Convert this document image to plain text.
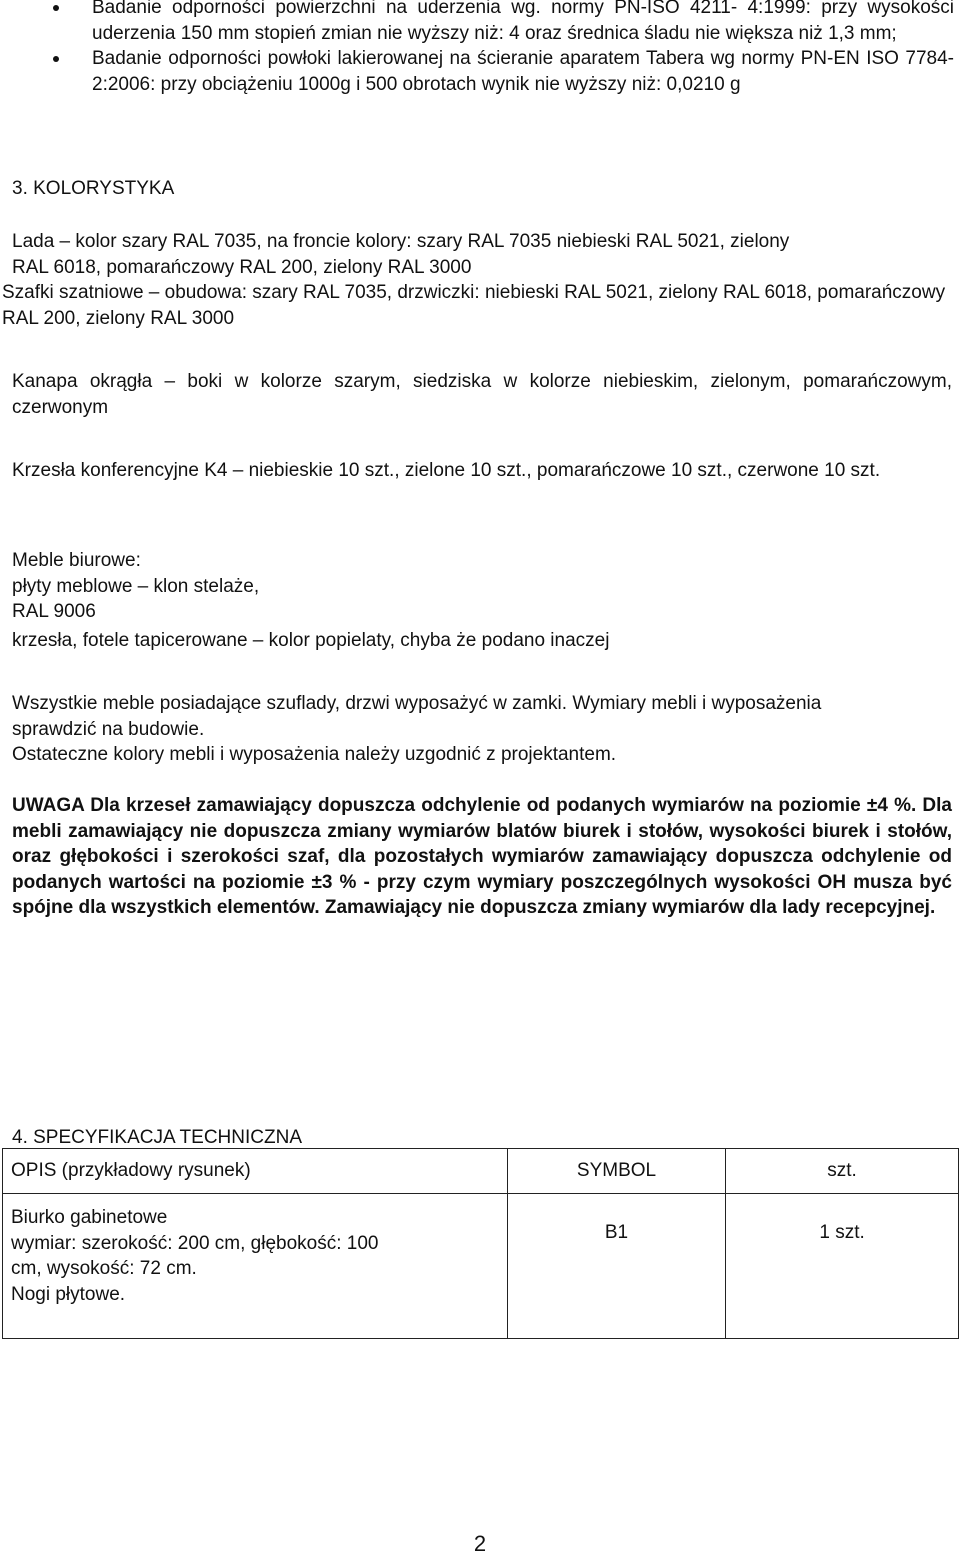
Badanie odporności powierzchni na uderzenia wg. normy PN-ISO 4211- 4:1999: przy wysokości uderzenia 150 mm stopień zmian nie wyższy niż: 4 oraz średnica śladu nie większa niż 1,3 mm;
Badanie odporności powłoki lakierowanej na ścieranie aparatem Tabera wg normy PN-EN ISO 7784-2:2006: przy obciążeniu 1000g i 500 obrotach wynik nie wyższy niż: 0,0210 g
3. KOLORYSTYKA
Lada – kolor szary RAL 7035, na froncie kolory: szary RAL 7035 niebieski RAL 5021, zielony
RAL 6018, pomarańczowy RAL 200, zielony RAL 3000
Szafki szatniowe – obudowa: szary RAL 7035, drzwiczki: niebieski RAL 5021, zielony RAL 6018, pomarańczowy RAL 200, zielony RAL 3000
Kanapa okrągła – boki w kolorze szarym, siedziska w kolorze niebieskim, zielonym, pomarańczowym, czerwonym
Krzesła konferencyjne K4 – niebieskie 10 szt., zielone 10 szt., pomarańczowe 10 szt., czerwone 10 szt.
Meble biurowe:
płyty meblowe – klon stelaże,
RAL 9006
krzesła, fotele tapicerowane – kolor popielaty, chyba że podano inaczej
Wszystkie meble posiadające szuflady, drzwi wyposażyć w zamki. Wymiary mebli i wyposażenia sprawdzić na budowie.
Ostateczne kolory mebli i wyposażenia należy uzgodnić z projektantem.
UWAGA Dla krzeseł zamawiający dopuszcza odchylenie od podanych wymiarów na poziomie ±4 %. Dla mebli zamawiający nie dopuszcza zmiany wymiarów blatów biurek i stołów, wysokości biurek i stołów, oraz głębokości i szerokości szaf, dla pozostałych wymiarów zamawiający dopuszcza odchylenie od podanych wartości na poziomie ±3 % - przy czym wymiary poszczególnych wysokości OH musza być spójne dla wszystkich elementów. Zamawiający nie dopuszcza zmiany wymiarów dla lady recepcyjnej.
4. SPECYFIKACJA TECHNICZNA
OPIS (przykładowy rysunek)	SYMBOL	szt.

Biurko gabinetowe
wymiar: szerokość: 200 cm, głębokość: 100
cm, wysokość: 72 cm.
Nogi płytowe.	B1	1 szt.
2
